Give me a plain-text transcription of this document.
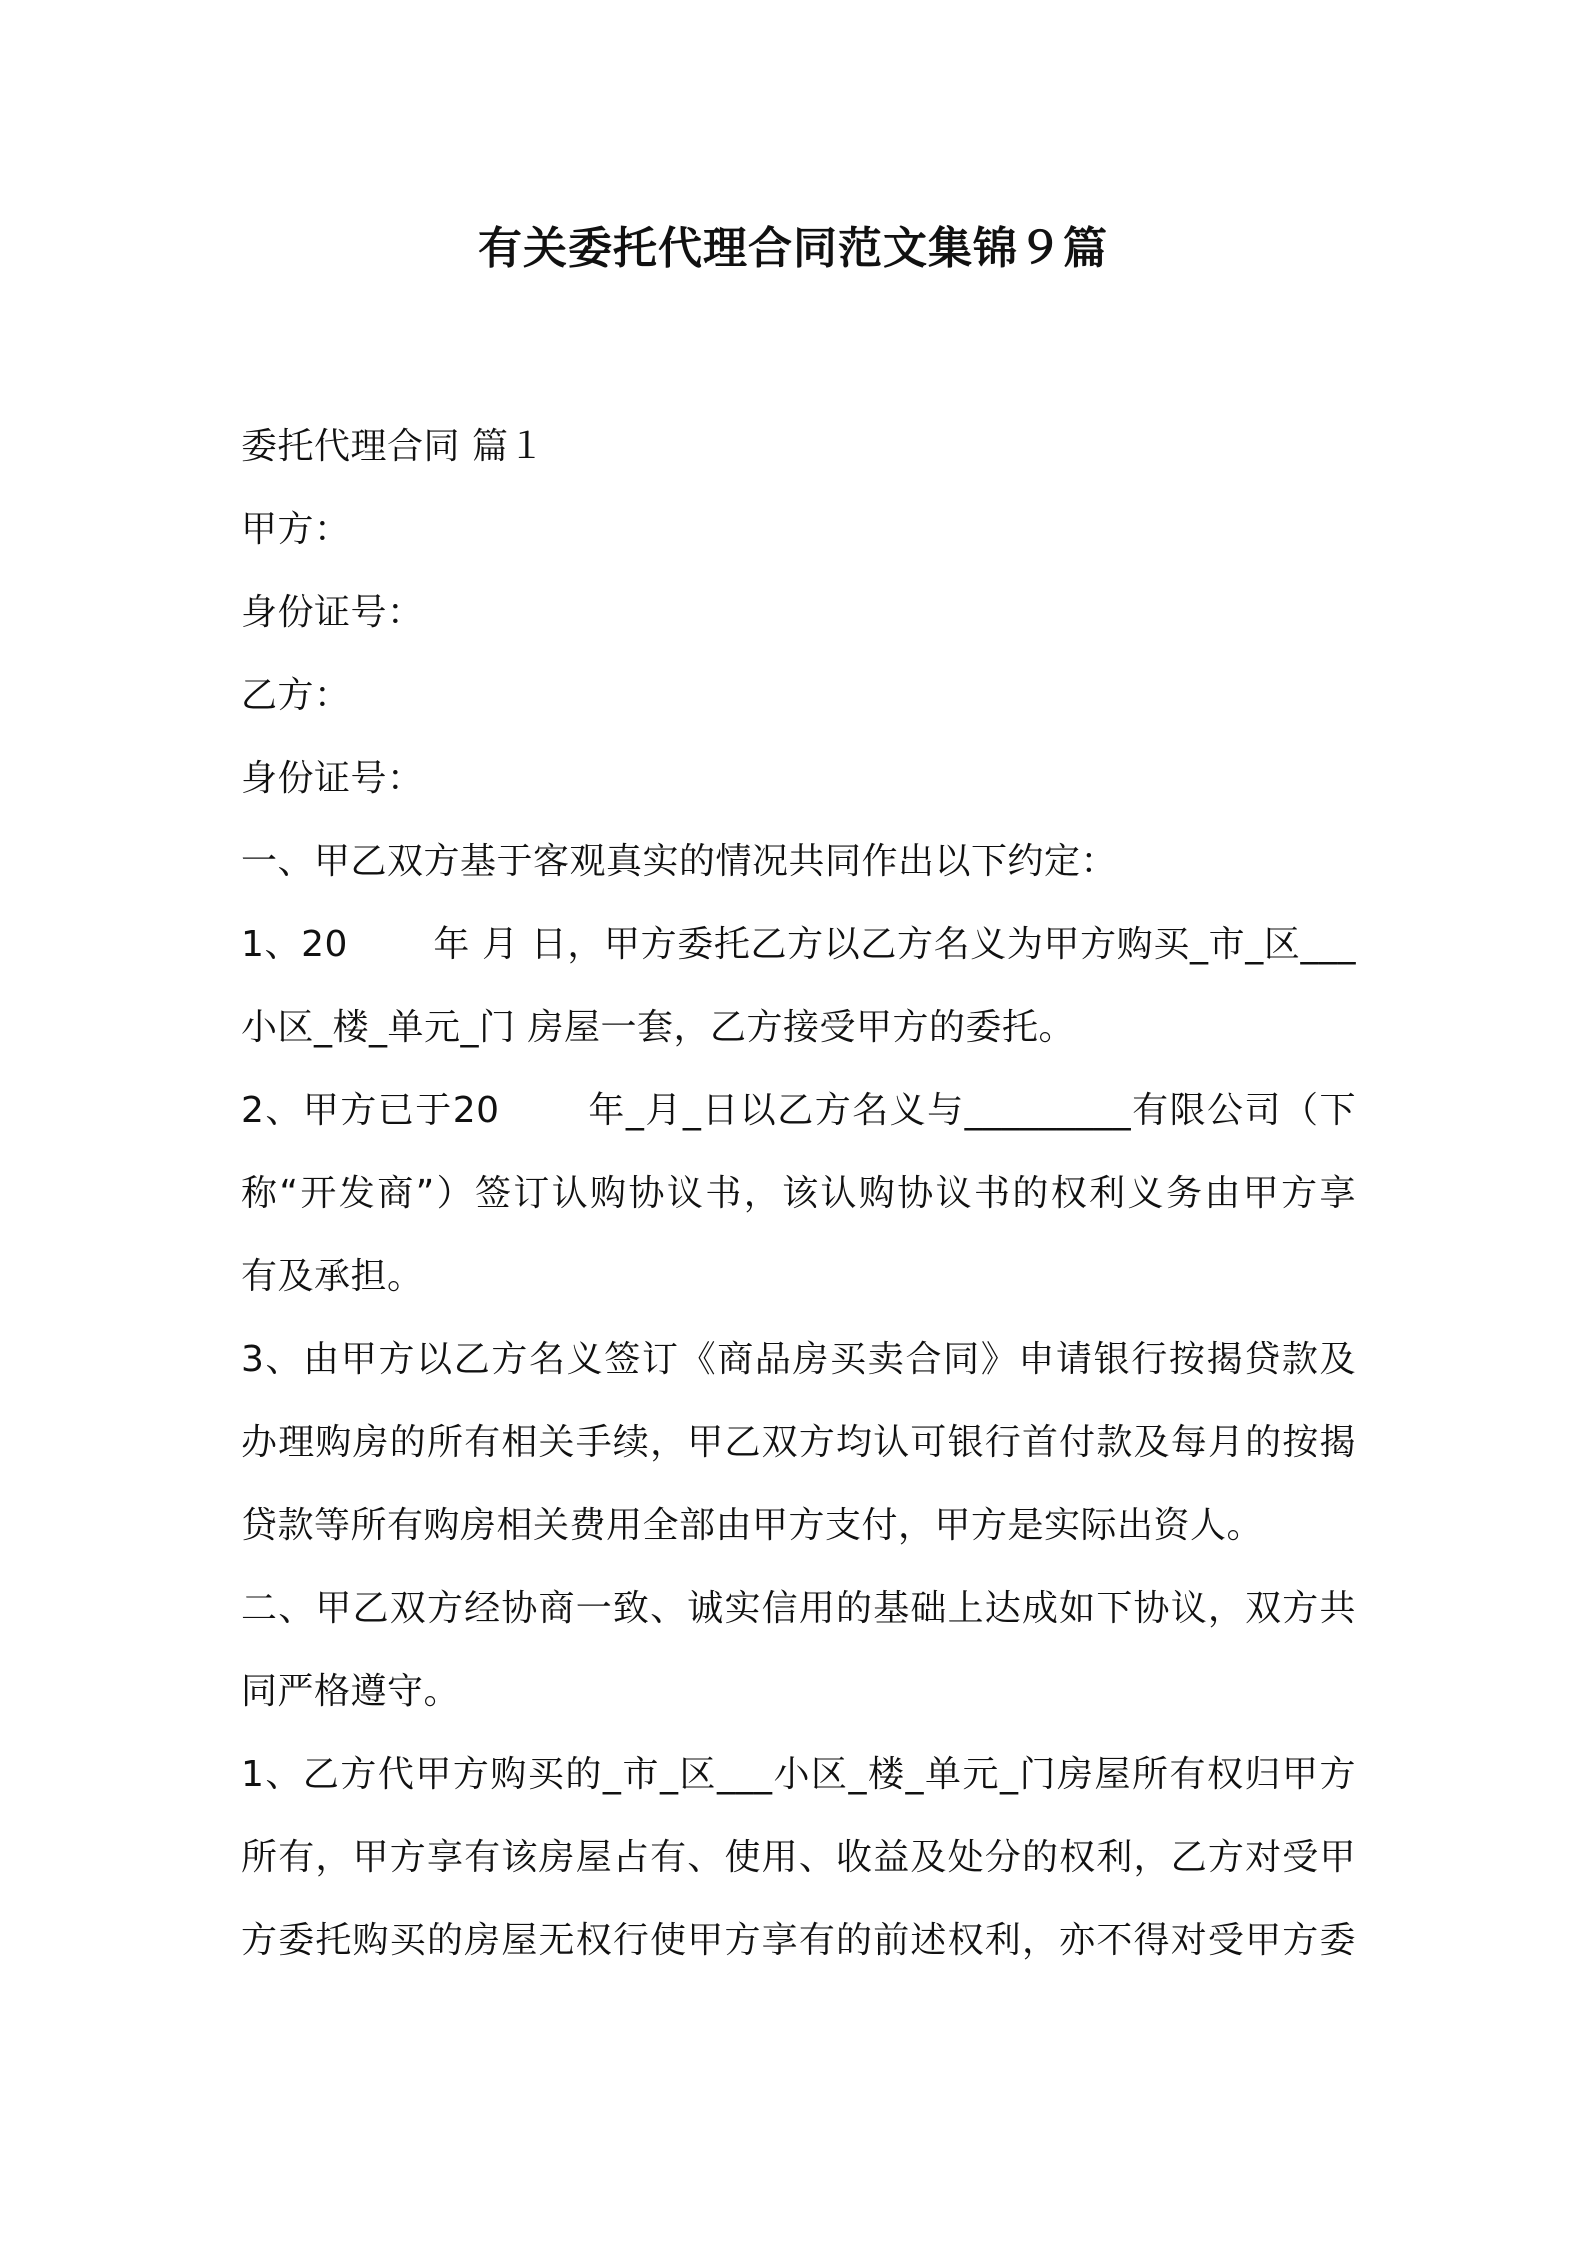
有关委托代理合同范文集锦９篇

委托代理合同 篇１

甲方：

身份证号：

乙方：

身份证号：

一、甲乙双方基于客观真实的情况共同作出以下约定：

1、20　　 年 月 日，甲方委托乙方以乙方名义为甲方购买_市_区___
小区_楼_单元_门 房屋一套，乙方接受甲方的委托。

2、甲方已于20　　 年_月_日以乙方名义与_________有限公司（下
称“开发商”）签订认购协议书，该认购协议书的权利义务由甲方享
有及承担。

3、由甲方以乙方名义签订《商品房买卖合同》申请银行按揭贷款及
办理购房的所有相关手续，甲乙双方均认可银行首付款及每月的按揭
贷款等所有购房相关费用全部由甲方支付，甲方是实际出资人。

二、甲乙双方经协商一致、诚实信用的基础上达成如下协议，双方共
同严格遵守。

1、乙方代甲方购买的_市_区___小区_楼_单元_门房屋所有权归甲方
所有，甲方享有该房屋占有、使用、收益及处分的权利，乙方对受甲
方委托购买的房屋无权行使甲方享有的前述权利，亦不得对受甲方委
